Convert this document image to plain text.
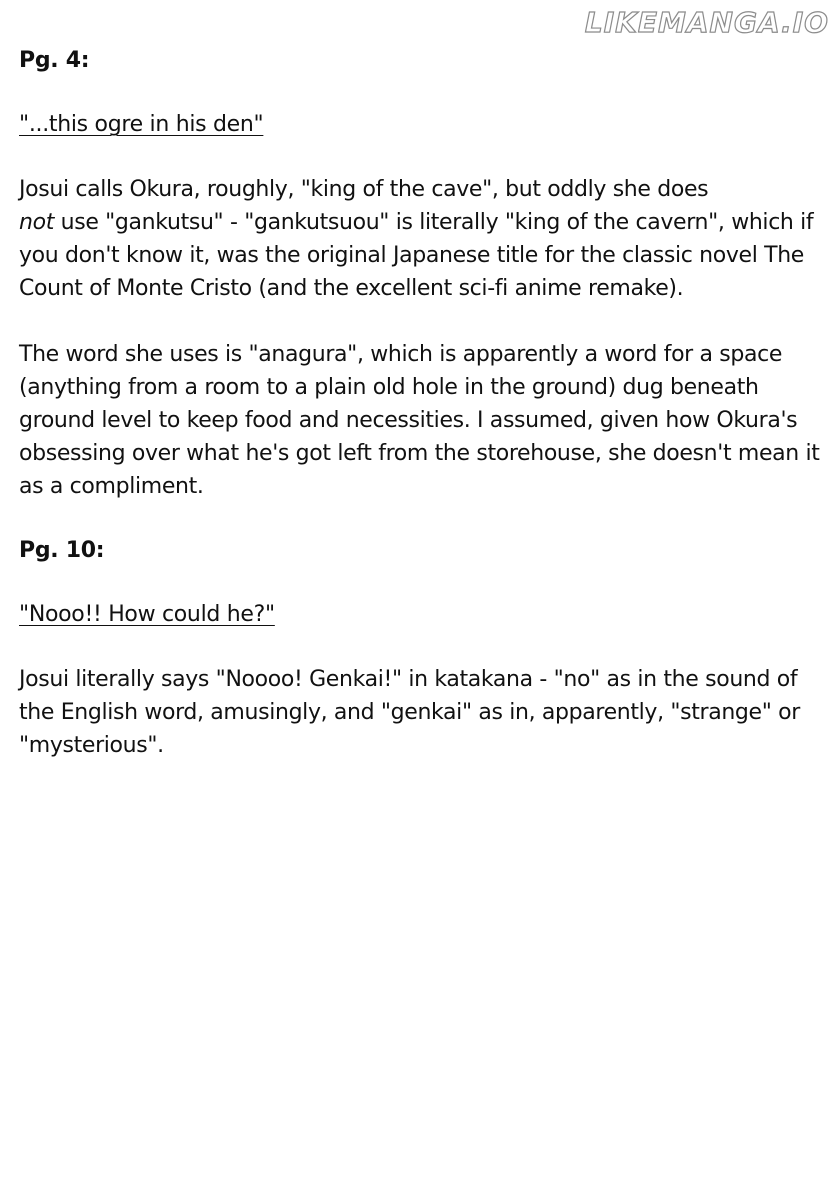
LIKEMANGA.IO
Pg. 4:
"...this ogre in his den"

Josui calls Okura, roughly, "king of the cave", but oddly she does
not use "gankutsu" - "gankutsuou" is literally "king of the cavern", which if you don't know it, was the original Japanese title for the classic novel The Count of Monte Cristo (and the excellent sci-fi anime remake).

The word she uses is "anagura", which is apparently a word for a space (anything from a room to a plain old hole in the ground) dug beneath ground level to keep food and necessities. I assumed, given how Okura's obsessing over what he's got left from the storehouse, she doesn't mean it as a compliment.

Pg. 10:
"Nooo!! How could he?"

Josui literally says "Noooo! Genkai!" in katakana - "no" as in the sound of the English word, amusingly, and "genkai" as in, apparently, "strange" or "mysterious".
